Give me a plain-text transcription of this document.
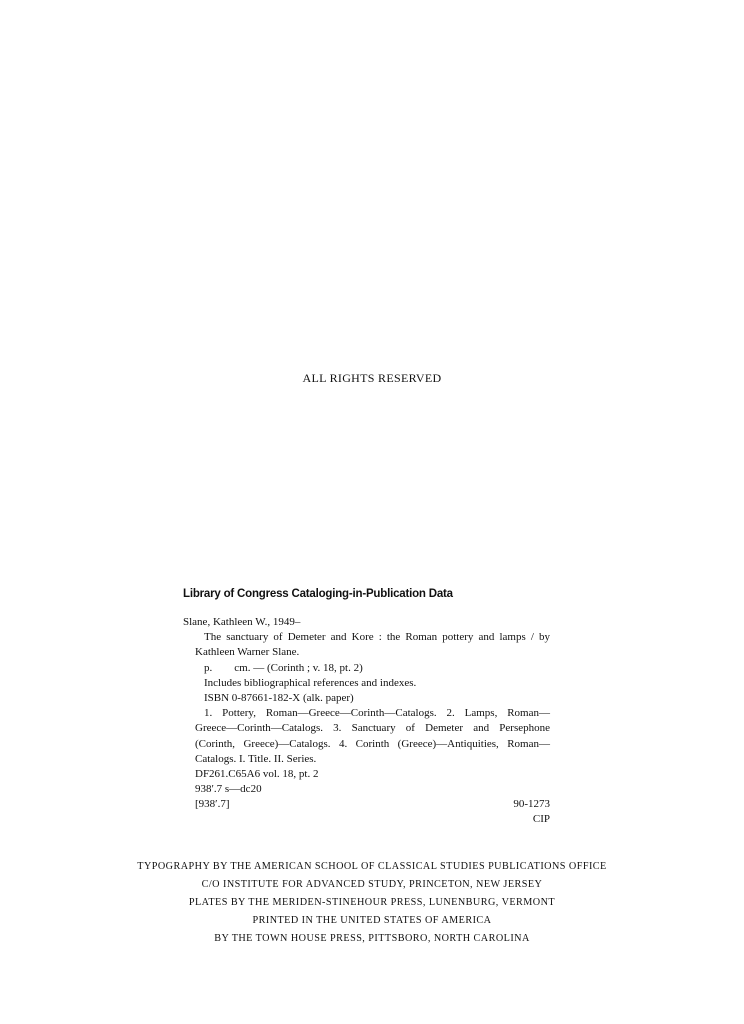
ALL RIGHTS RESERVED
Library of Congress Cataloging-in-Publication Data
Slane, Kathleen W., 1949–
The sanctuary of Demeter and Kore : the Roman pottery and lamps / by
Kathleen Warner Slane.
p. cm. — (Corinth ; v. 18, pt. 2)
Includes bibliographical references and indexes.
ISBN 0-87661-182-X (alk. paper)
1. Pottery, Roman—Greece—Corinth—Catalogs. 2. Lamps, Roman—
Greece—Corinth—Catalogs. 3. Sanctuary of Demeter and Persephone
(Corinth, Greece)—Catalogs. 4. Corinth (Greece)—Antiquities, Roman—
Catalogs. I. Title. II. Series.
DF261.C65A6 vol. 18, pt. 2
938′.7 s—dc20
[938′.7]	90-1273
CIP
TYPOGRAPHY BY THE AMERICAN SCHOOL OF CLASSICAL STUDIES PUBLICATIONS OFFICE
C/O INSTITUTE FOR ADVANCED STUDY, PRINCETON, NEW JERSEY
PLATES BY THE MERIDEN-STINEHOUR PRESS, LUNENBURG, VERMONT
PRINTED IN THE UNITED STATES OF AMERICA
BY THE TOWN HOUSE PRESS, PITTSBORO, NORTH CAROLINA
